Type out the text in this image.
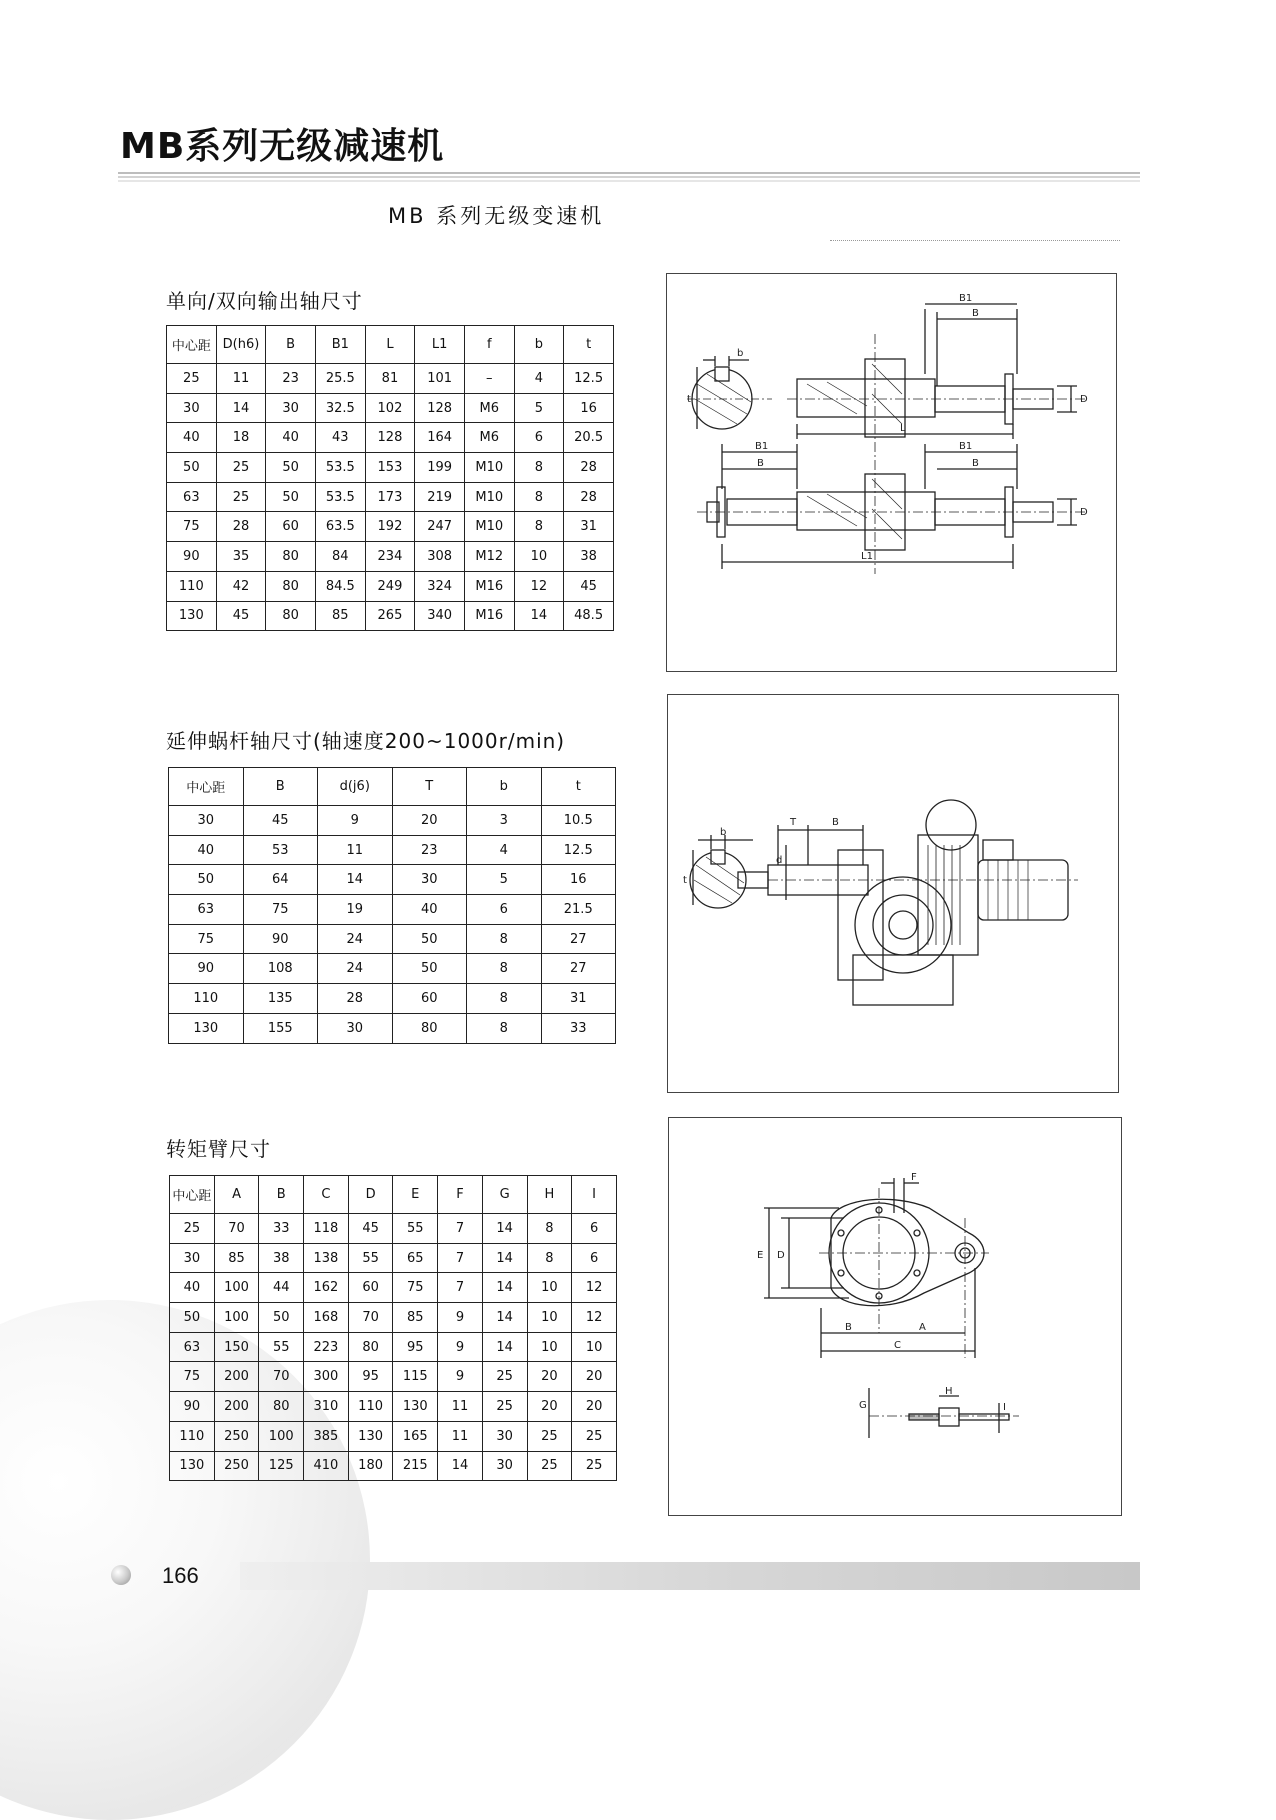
MB系列无级减速机
MB 系列无级变速机
单向/双向输出轴尺寸
中心距	D(h6)	B	B1	L	L1	f	b	t
25	11	23	25.5	81	101	–	4	12.5
30	14	30	32.5	102	128	M6	5	16
40	18	40	43	128	164	M6	6	20.5
50	25	50	53.5	153	199	M10	8	28
63	25	50	53.5	173	219	M10	8	28
75	28	60	63.5	192	247	M10	8	31
90	35	80	84	234	308	M12	10	38
110	42	80	84.5	249	324	M16	12	45
130	45	80	85	265	340	M16	14	48.5
b
t
B1
B
D
L
B1
B
B1
B
D
L1
延伸蜗杆轴尺寸(轴速度200~1000r/min)
中心距	B	d(j6)	T	b	t
30	45	9	20	3	10.5
40	53	11	23	4	12.5
50	64	14	30	5	16
63	75	19	40	6	21.5
75	90	24	50	8	27
90	108	24	50	8	27
110	135	28	60	8	31
130	155	30	80	8	33
b
t
T	B
d
转矩臂尺寸
中心距	A	B	C	D	E	F	G	H	I
25	70	33	118	45	55	7	14	8	6
30	85	38	138	55	65	7	14	8	6
40	100	44	162	60	75	7	14	10	12
50	100	50	168	70	85	9	14	10	12
63	150	55	223	80	95	9	14	10	10
75	200	70	300	95	115	9	25	20	20
90	200	80	310	110	130	11	25	20	20
110	250	100	385	130	165	11	30	25	25
130	250	125	410	180	215	14	30	25	25
F
E D
B	A
C
G
H
I
166
